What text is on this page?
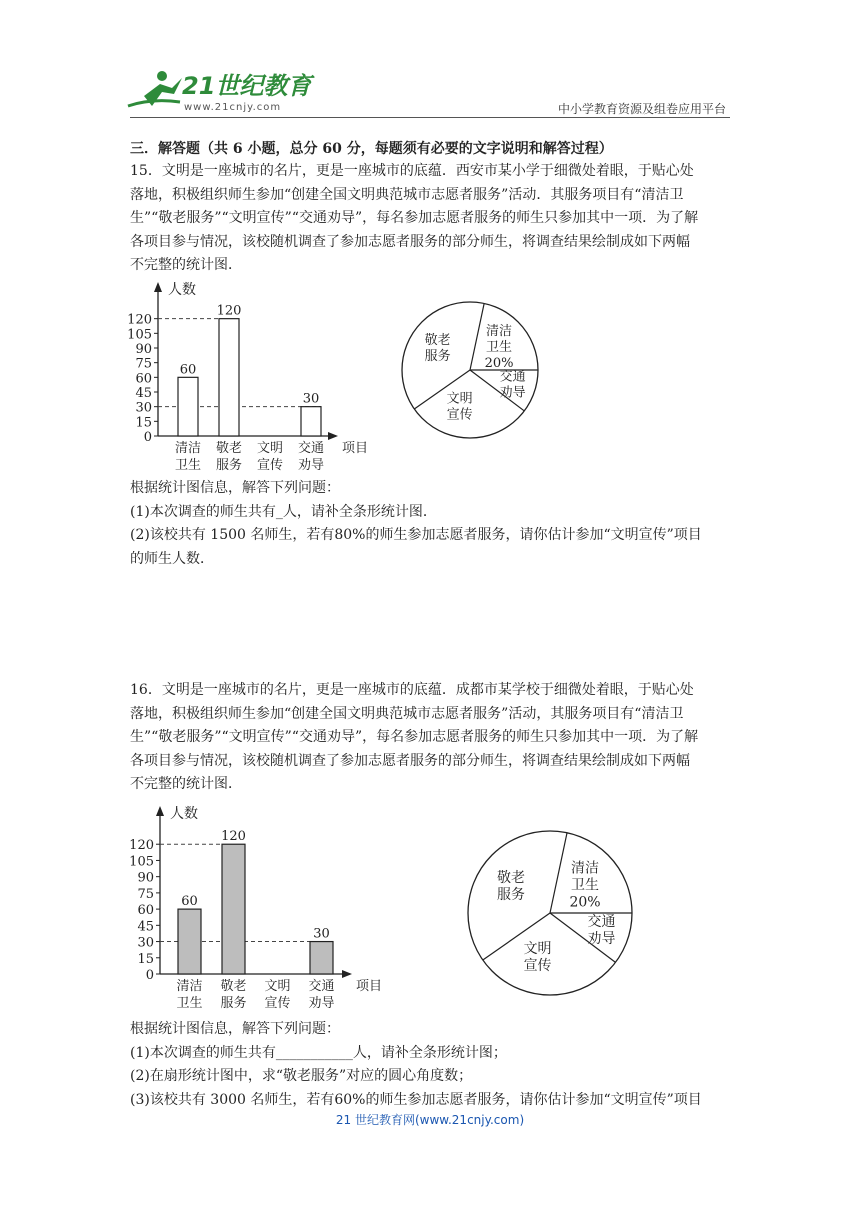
21世纪教育
www.21cnjy.com	中小学教育资源及组卷应用平台
三．解答题（共 6 小题，总分 60 分，每题须有必要的文字说明和解答过程）
15．文明是一座城市的名片，更是一座城市的底蕴．西安市某小学于细微处着眼，于贴心处
落地，积极组织师生参加“创建全国文明典范城市志愿者服务”活动．其服务项目有“清洁卫
生”“敬老服务”“文明宣传”“交通劝导”，每名参加志愿者服务的师生只参加其中一项．为了解
各项目参与情况，该校随机调查了参加志愿者服务的部分师生，将调查结果绘制成如下两幅
不完整的统计图．
人数
项目
0
15
30
45
60
75
90
105
120
60
清洁
卫生
120
敬老
服务
文明
宣传
30
交通
劝导
清洁
卫生
20%
交通
劝导
文明
宣传
敬老
服务
根据统计图信息，解答下列问题：
(1)本次调查的师生共有_人，请补全条形统计图．
(2)该校共有 1500 名师生，若有80%的师生参加志愿者服务，请你估计参加“文明宣传”项目
的师生人数．
16．文明是一座城市的名片，更是一座城市的底蕴．成都市某学校于细微处着眼，于贴心处
落地，积极组织师生参加“创建全国文明典范城市志愿者服务”活动，其服务项目有“清洁卫
生”“敬老服务”“文明宣传”“交通劝导”，每名参加志愿者服务的师生只参加其中一项．为了解
各项目参与情况，该校随机调查了参加志愿者服务的部分师生，将调查结果绘制成如下两幅
不完整的统计图．
人数
项目
0
15
30
45
60
75
90
105
120
60
清洁
卫生
120
敬老
服务
文明
宣传
30
交通
劝导
清洁
卫生
20%
交通
劝导
文明
宣传
敬老
服务
根据统计图信息，解答下列问题：
(1)本次调查的师生共有___________人，请补全条形统计图；
(2)在扇形统计图中，求“敬老服务”对应的圆心角度数；
(3)该校共有 3000 名师生，若有60%的师生参加志愿者服务，请你估计参加“文明宣传”项目
21 世纪教育网(www.21cnjy.com)
